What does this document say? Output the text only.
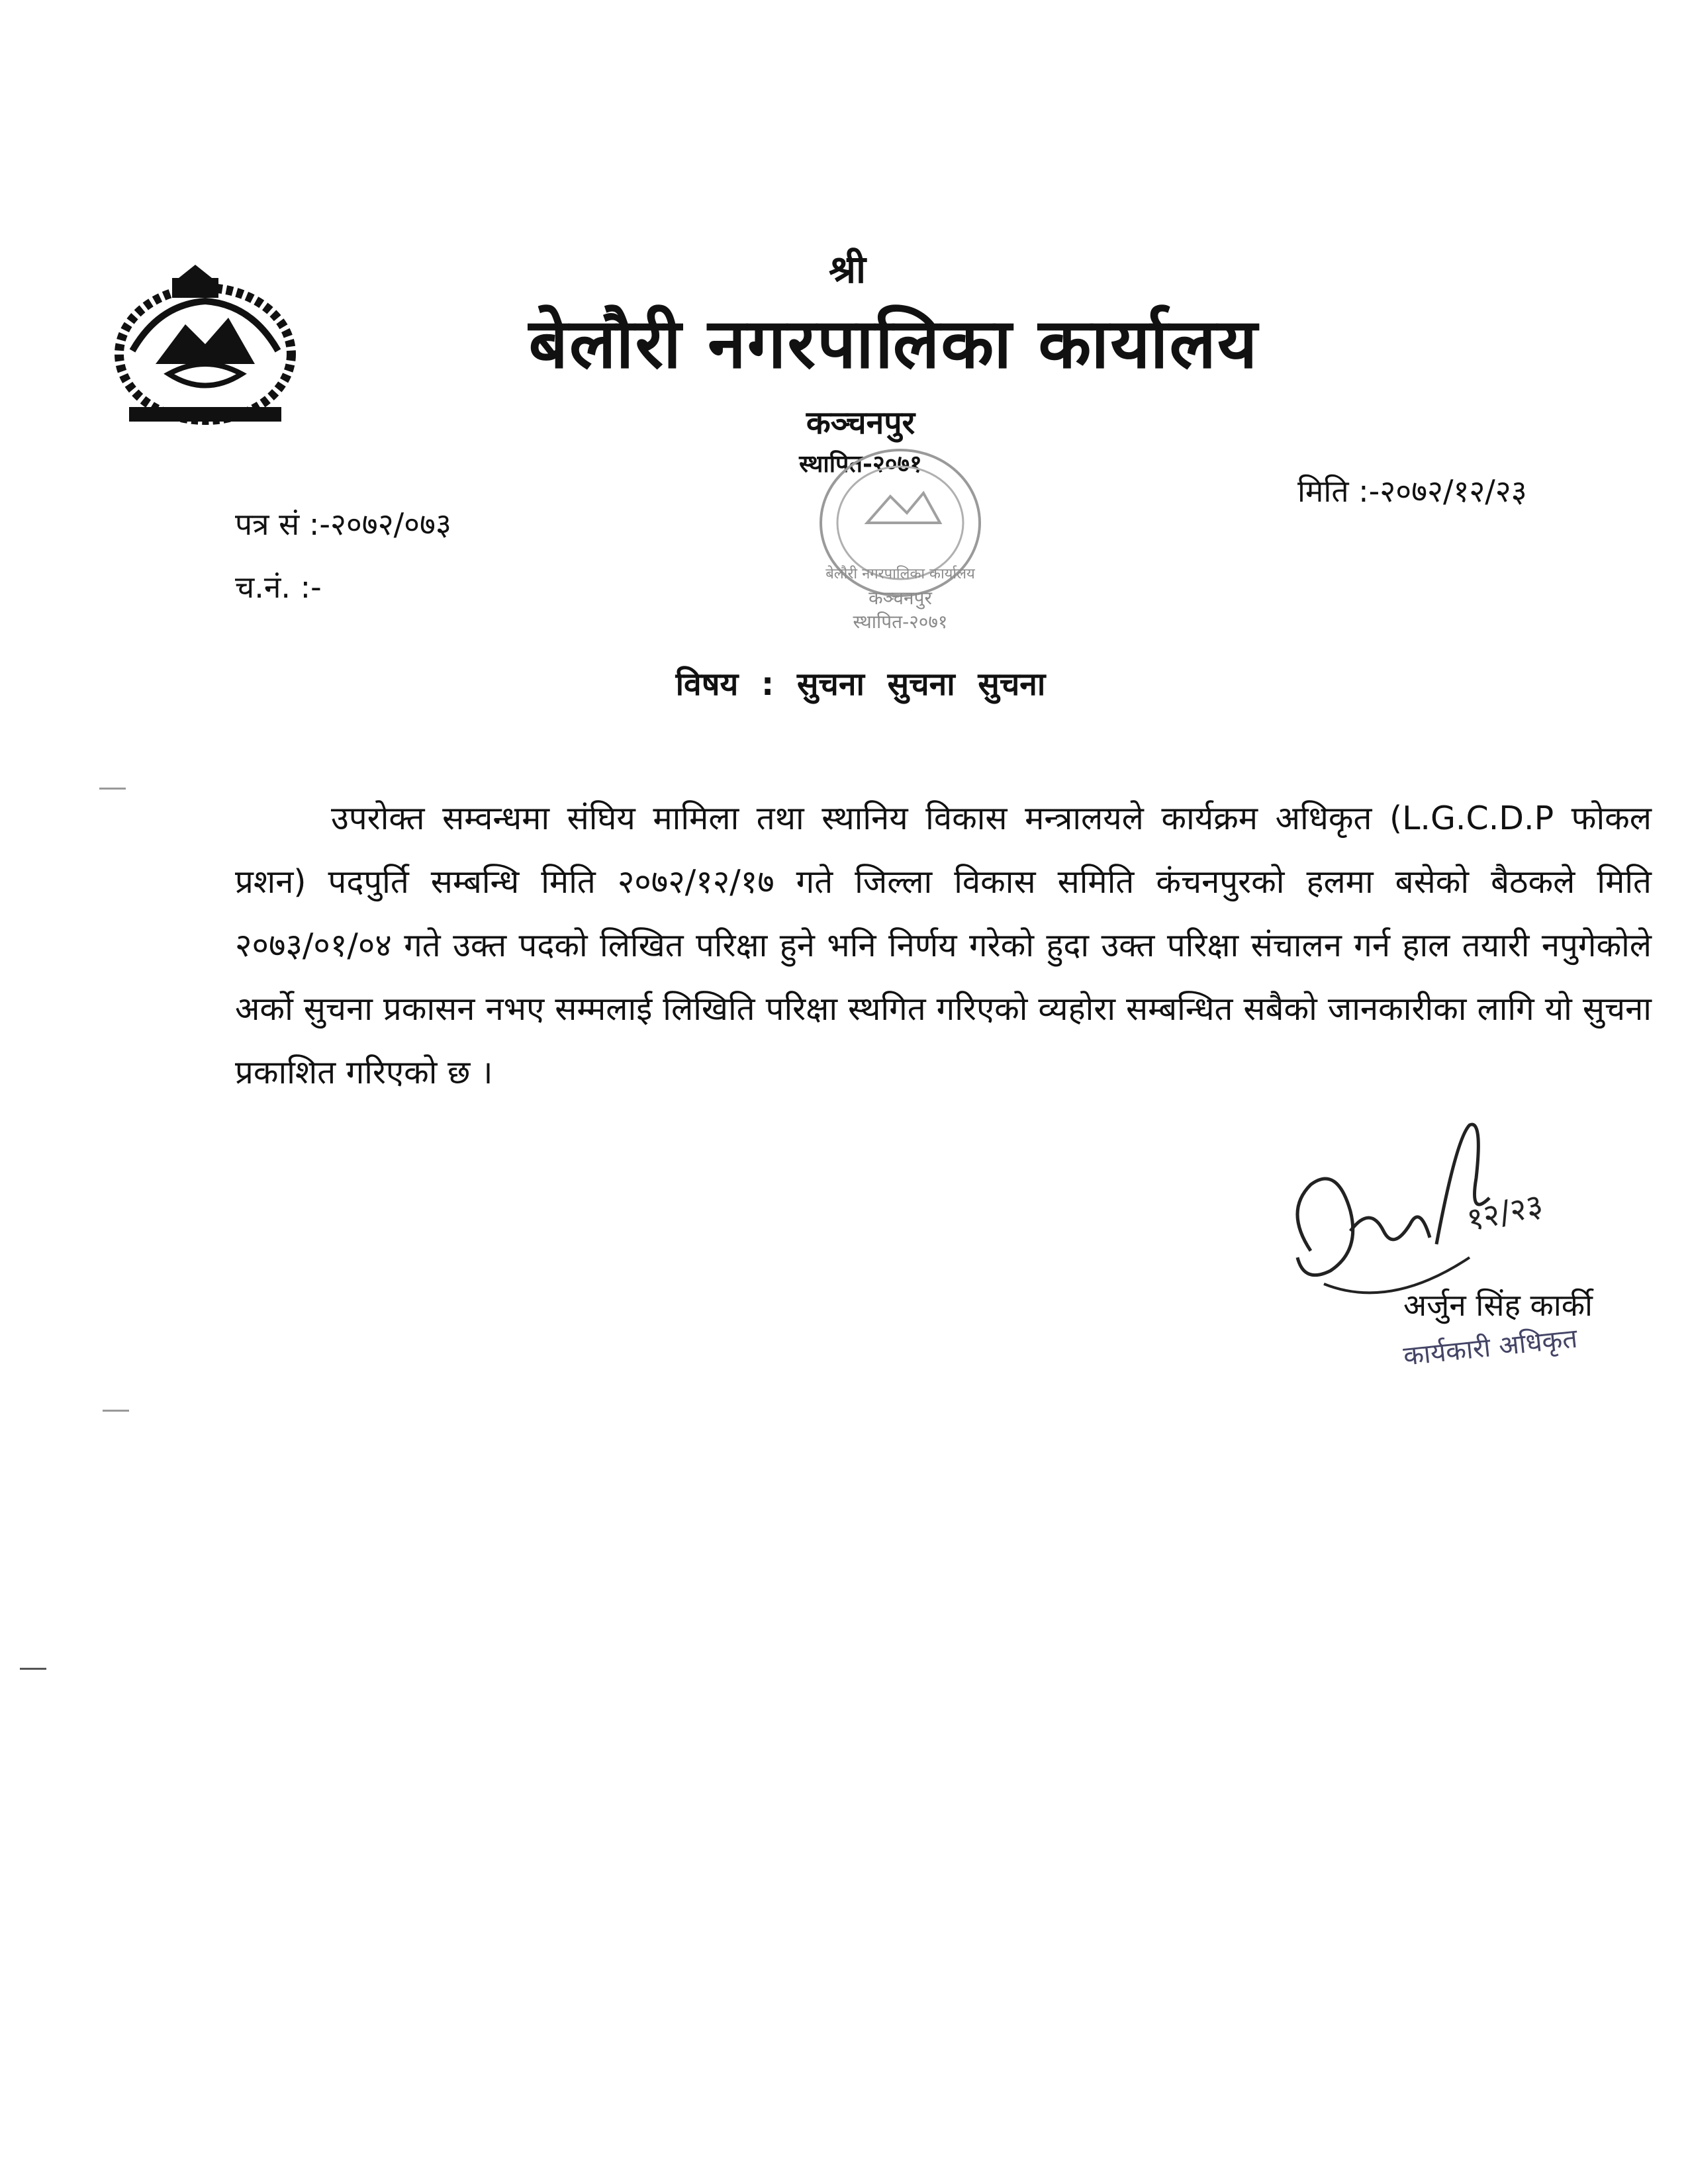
श्री
बेलौरी नगरपालिका कार्यालय
कञ्चनपुर
स्थापित-२०७१
बेलौरी नगरपालिका कार्यालय
कञ्चनपुर
स्थापित-२०७१
मिति :-२०७२/१२/२३
पत्र सं :-२०७२/०७३
च.नं. :-
विषय : सुचना सुचना सुचना

उपरोक्त सम्वन्धमा संघिय मामिला तथा स्थानिय विकास मन्त्रालयले कार्यक्रम अधिकृत (L.G.C.D.P फोकल प्रशन) पदपुर्ति सम्बन्धि मिति २०७२/१२/१७ गते जिल्ला विकास समिति कंचनपुरको हलमा बसेको बैठकले मिति २०७३/०१/०४ गते उक्त पदको लिखित परिक्षा हुने भनि निर्णय गरेको हुदा उक्त परिक्षा संचालन गर्न हाल तयारी नपुगेकोले अर्को सुचना प्रकासन नभए सम्मलाई लिखिति परिक्षा स्थगित गरिएको व्यहोरा सम्बन्धित सबैको जानकारीका लागि यो सुचना प्रकाशित गरिएको छ ।

१२/२३
अर्जुन सिंह कार्की
कार्यकारी अधिकृत
